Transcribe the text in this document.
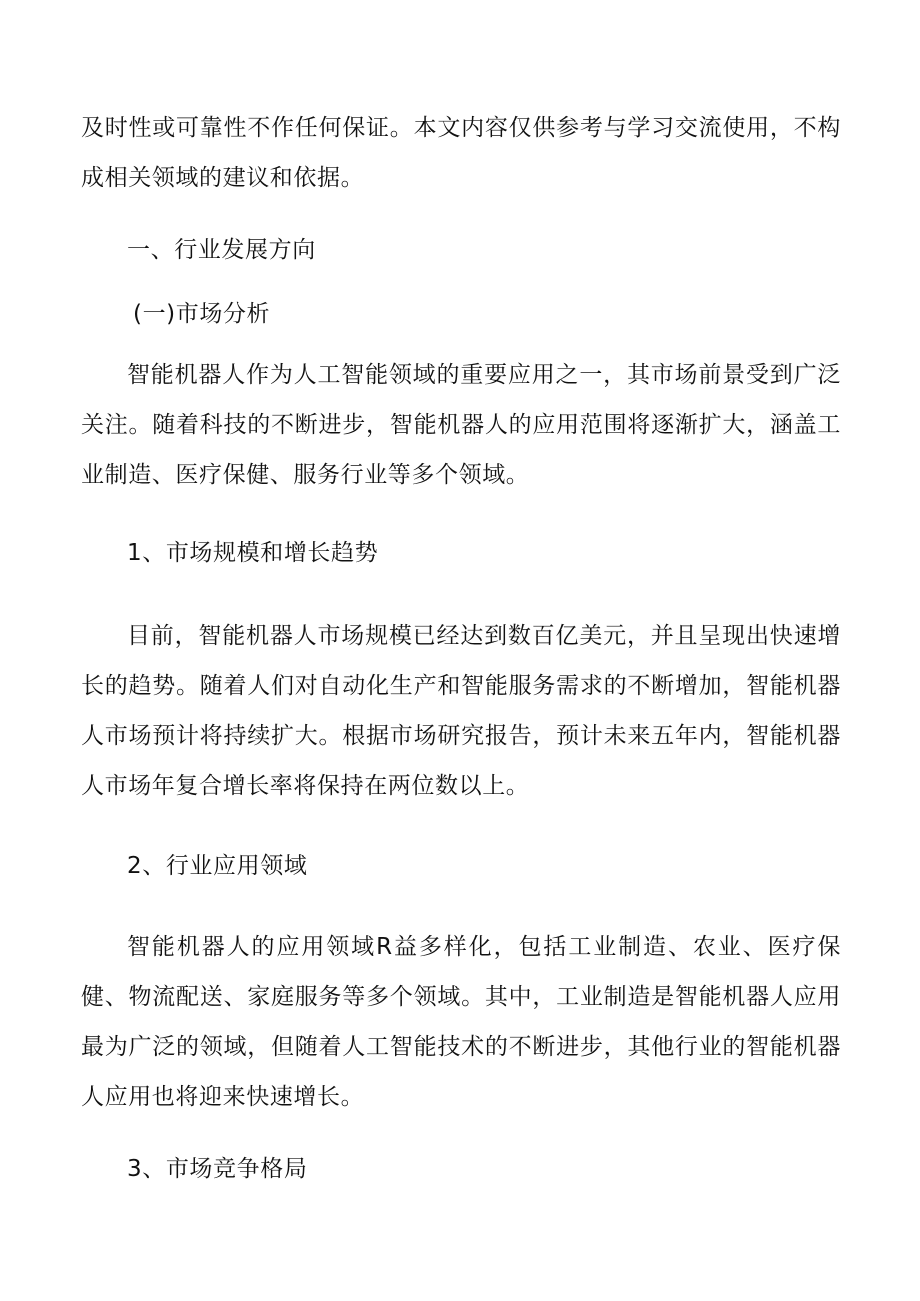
及时性或可靠性不作任何保证。本文内容仅供参考与学习交流使用，不构成相关领域的建议和依据。

一、行业发展方向

(一)市场分析

智能机器人作为人工智能领域的重要应用之一，其市场前景受到广泛关注。随着科技的不断进步，智能机器人的应用范围将逐渐扩大，涵盖工业制造、医疗保健、服务行业等多个领域。

1、市场规模和增长趋势

目前，智能机器人市场规模已经达到数百亿美元，并且呈现出快速增长的趋势。随着人们对自动化生产和智能服务需求的不断增加，智能机器人市场预计将持续扩大。根据市场研究报告，预计未来五年内，智能机器人市场年复合增长率将保持在两位数以上。

2、行业应用领域

智能机器人的应用领域R益多样化，包括工业制造、农业、医疗保健、物流配送、家庭服务等多个领域。其中，工业制造是智能机器人应用最为广泛的领域，但随着人工智能技术的不断进步，其他行业的智能机器人应用也将迎来快速增长。

3、市场竞争格局
